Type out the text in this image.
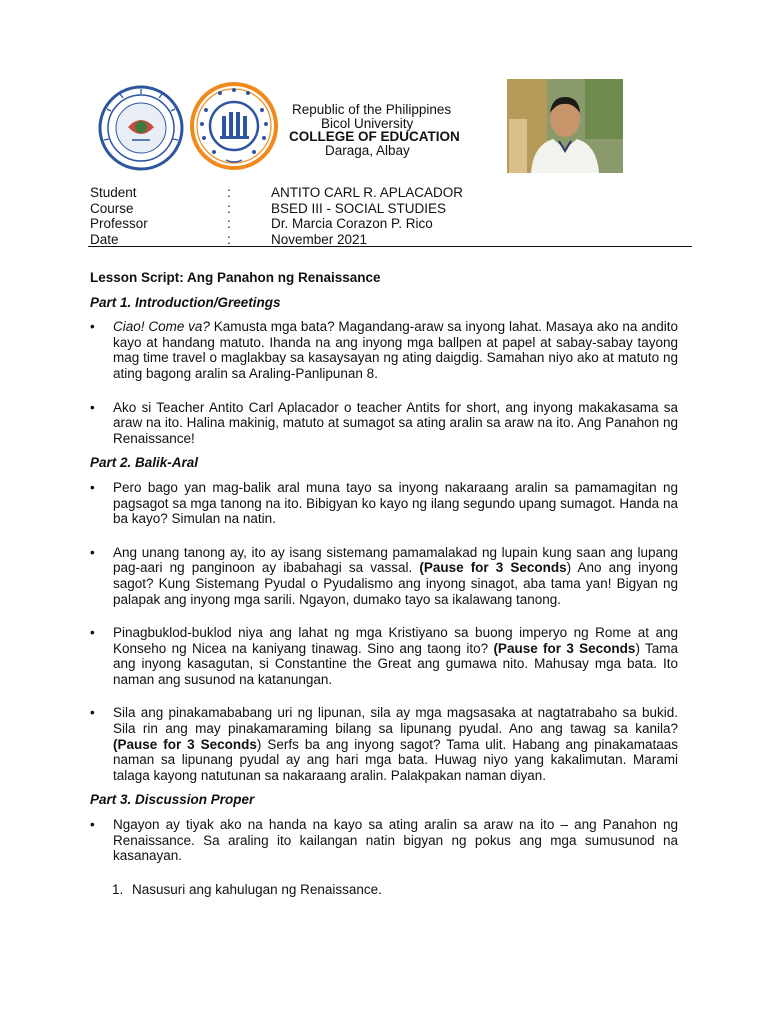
Republic of the Philippines
Bicol University
COLLEGE OF EDUCATION
Daraga, Albay
Student	:	ANTITO CARL R. APLACADOR
Course	:	BSED III - SOCIAL STUDIES
Professor	:	Dr. Marcia Corazon P. Rico
Date	:	November 2021

Lesson Script: Ang Panahon ng Renaissance

Part 1. Introduction/Greetings

• Ciao! Come va? Kamusta mga bata? Magandang-araw sa inyong lahat. Masaya ako na andito kayo at handang matuto. Ihanda na ang inyong mga ballpen at papel at sabay-sabay tayong mag time travel o maglakbay sa kasaysayan ng ating daigdig. Samahan niyo ako at matuto ng ating bagong aralin sa Araling-Panlipunan 8.
• Ako si Teacher Antito Carl Aplacador o teacher Antits for short, ang inyong makakasama sa araw na ito. Halina makinig, matuto at sumagot sa ating aralin sa araw na ito. Ang Panahon ng Renaissance!

Part 2. Balik-Aral

• Pero bago yan mag-balik aral muna tayo sa inyong nakaraang aralin sa pamamagitan ng pagsagot sa mga tanong na ito. Bibigyan ko kayo ng ilang segundo upang sumagot. Handa na ba kayo? Simulan na natin.
• Ang unang tanong ay, ito ay isang sistemang pamamalakad ng lupain kung saan ang lupang pag-aari ng panginoon ay ibabahagi sa vassal. (Pause for 3 Seconds) Ano ang inyong sagot? Kung Sistemang Pyudal o Pyudalismo ang inyong sinagot, aba tama yan! Bigyan ng palapak ang inyong mga sarili. Ngayon, dumako tayo sa ikalawang tanong.
• Pinagbuklod-buklod niya ang lahat ng mga Kristiyano sa buong imperyo ng Rome at ang Konseho ng Nicea na kaniyang tinawag. Sino ang taong ito? (Pause for 3 Seconds) Tama ang inyong kasagutan, si Constantine the Great ang gumawa nito. Mahusay mga bata. Ito naman ang susunod na katanungan.
• Sila ang pinakamababang uri ng lipunan, sila ay mga magsasaka at nagtatrabaho sa bukid. Sila rin ang may pinakamaraming bilang sa lipunang pyudal. Ano ang tawag sa kanila? (Pause for 3 Seconds) Serfs ba ang inyong sagot? Tama ulit. Habang ang pinakamataas naman sa lipunang pyudal ay ang hari mga bata. Huwag niyo yang kakalimutan. Marami talaga kayong natutunan sa nakaraang aralin. Palakpakan naman diyan.

Part 3. Discussion Proper

• Ngayon ay tiyak ako na handa na kayo sa ating aralin sa araw na ito – ang Panahon ng Renaissance. Sa araling ito kailangan natin bigyan ng pokus ang mga sumusunod na kasanayan.
1. Nasusuri ang kahulugan ng Renaissance.
